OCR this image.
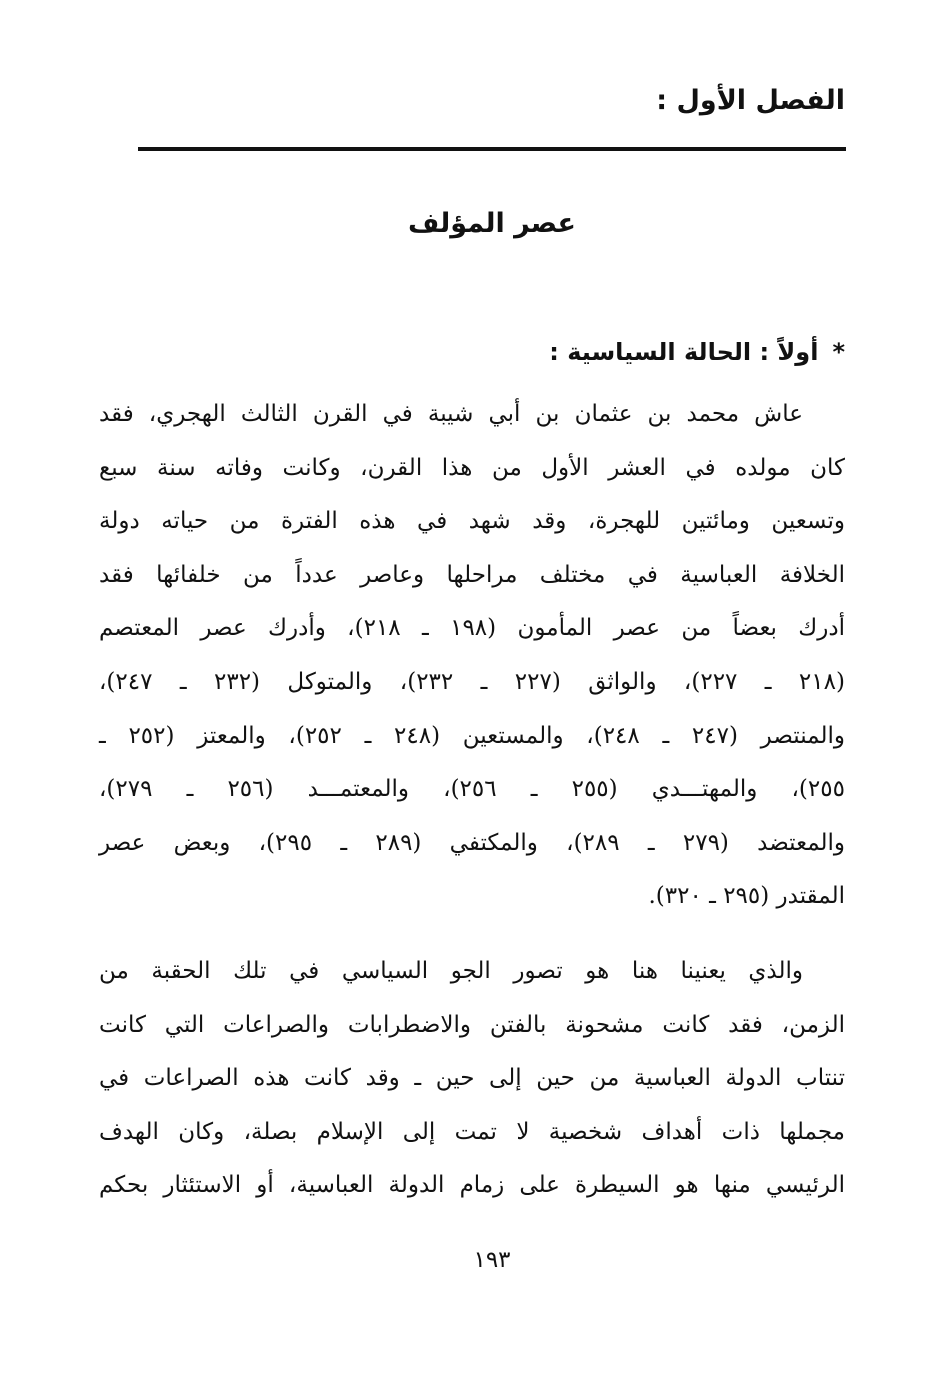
الفصل الأول :
عصر المؤلف
*أولاً : الحالة السياسية :

عاش محمد بن عثمان بن أبي شيبة في القرن الثالث الهجري، فقد
كان مولده في العشر الأول من هذا القرن، وكانت وفاته سنة سبع
وتسعين ومائتين للهجرة، وقد شهد في هذه الفترة من حياته دولة
الخلافة العباسية في مختلف مراحلها وعاصر عدداً من خلفائها فقد
أدرك بعضاً من عصر المأمون (١٩٨ ـ ٢١٨)، وأدرك عصر المعتصم
(٢١٨ ـ ٢٢٧)، والواثق (٢٢٧ ـ ٢٣٢)، والمتوكل (٢٣٢ ـ ٢٤٧)،
والمنتصر (٢٤٧ ـ ٢٤٨)، والمستعين (٢٤٨ ـ ٢٥٢)، والمعتز (٢٥٢ ـ
٢٥٥)، والمهتـــدي (٢٥٥ ـ ٢٥٦)، والمعتمـــد (٢٥٦ ـ ٢٧٩)،
والمعتضد (٢٧٩ ـ ٢٨٩)، والمكتفي (٢٨٩ ـ ٢٩٥)، وبعض عصر
المقتدر (٢٩٥ ـ ٣٢٠).

والذي يعنينا هنا هو تصور الجو السياسي في تلك الحقبة من
الزمن، فقد كانت مشحونة بالفتن والاضطرابات والصراعات التي كانت
تنتاب الدولة العباسية من حين إلى حين ـ وقد كانت هذه الصراعات في
مجملها ذات أهداف شخصية لا تمت إلى الإسلام بصلة، وكان الهدف
الرئيسي منها هو السيطرة على زمام الدولة العباسية، أو الاستئثار بحكم

١٩٣
